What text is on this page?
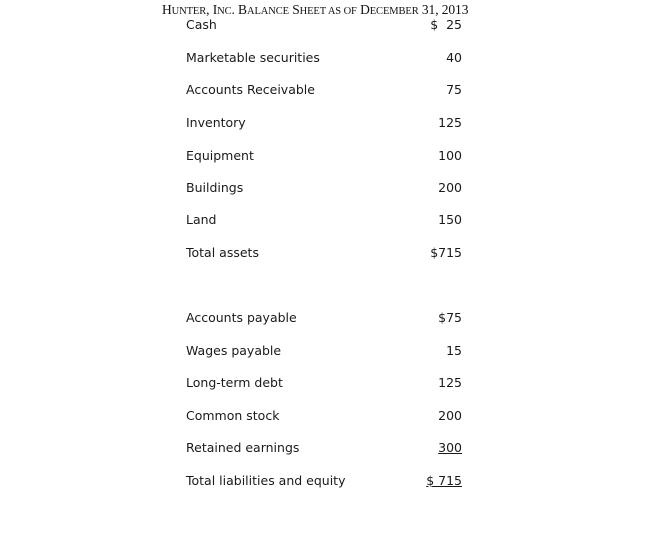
HUNTER, INC. BALANCE SHEET AS OF DECEMBER 31, 2013
Cash	$  25
Marketable securities	40
Accounts Receivable	75
Inventory	125
Equipment	100
Buildings	200
Land	150
Total assets	$715
Accounts payable	$75
Wages payable	15
Long-term debt	125
Common stock	200
Retained earnings	300
Total liabilities and equity	$ 715
